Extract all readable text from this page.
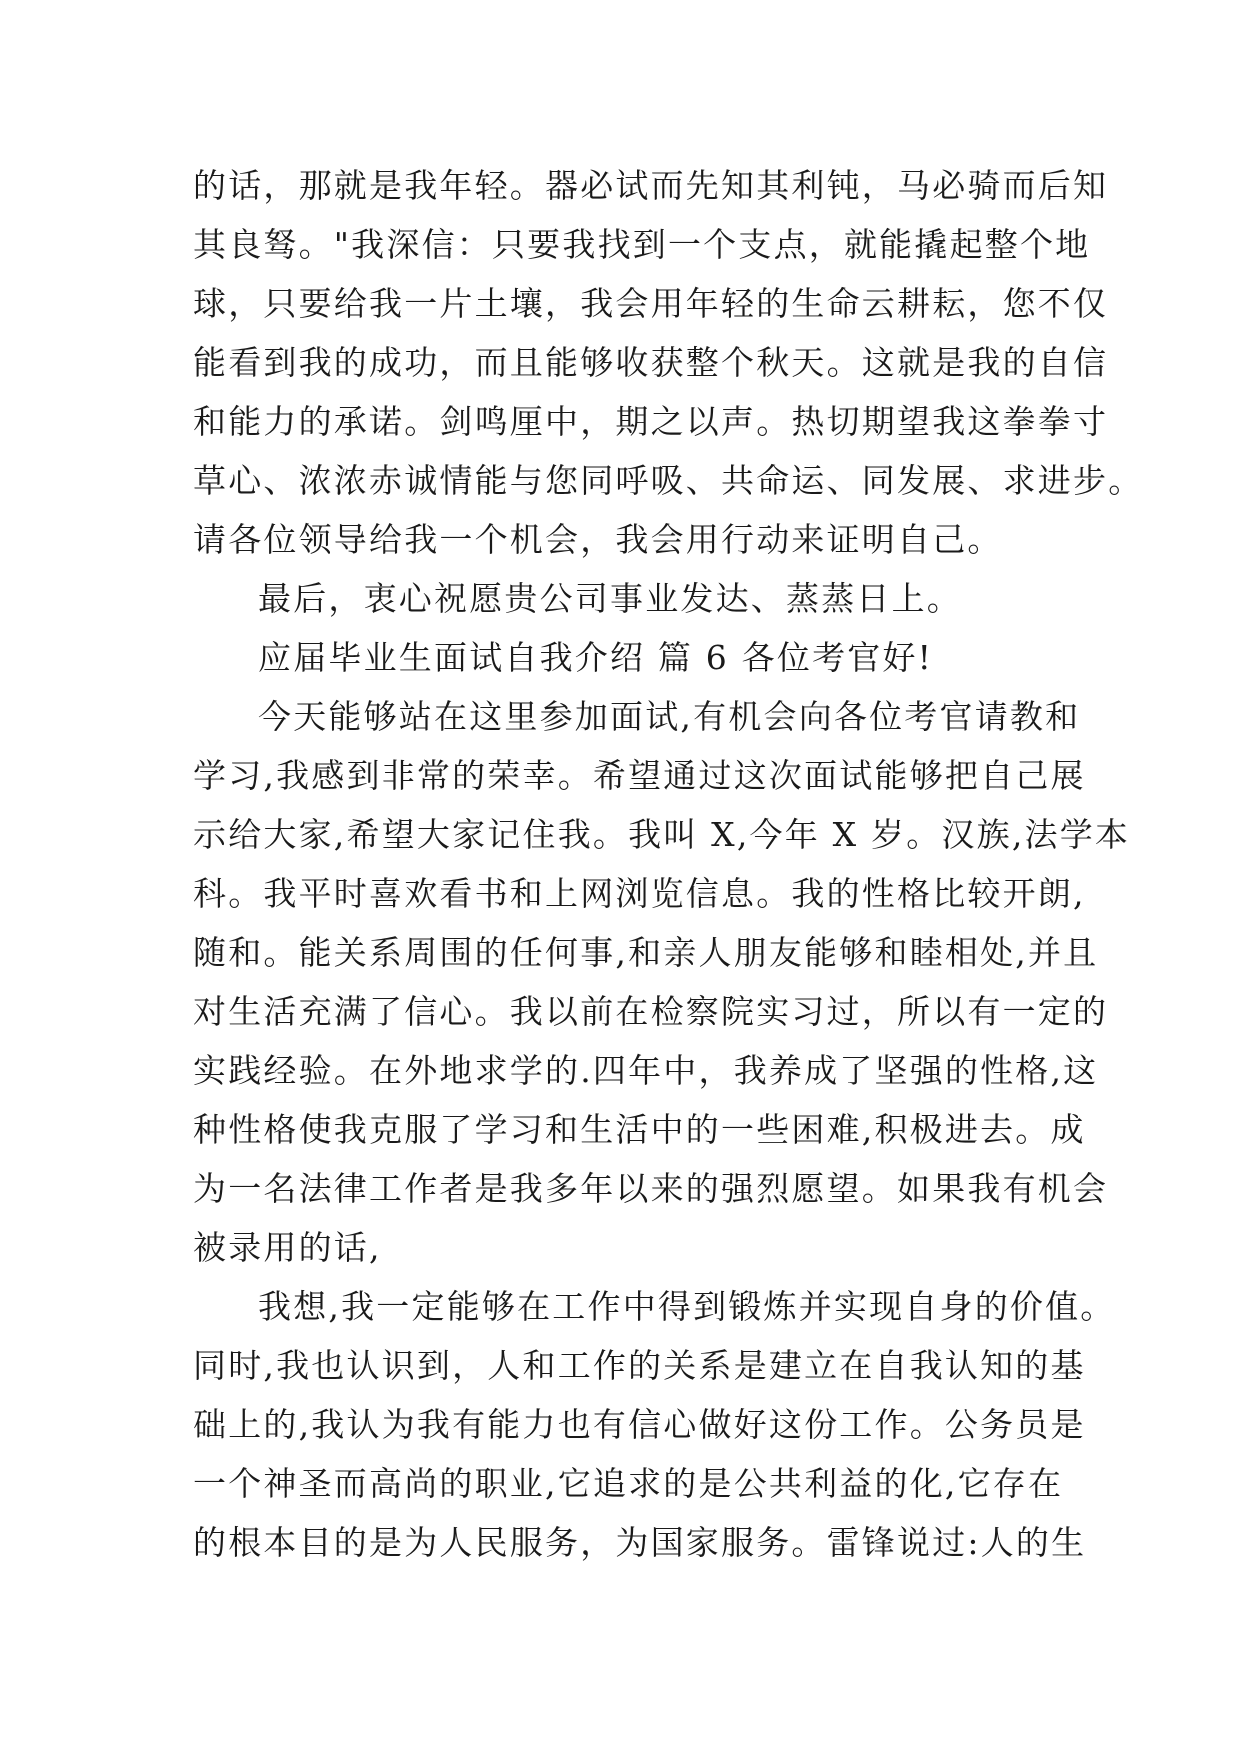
的话，那就是我年轻。器必试而先知其利钝，马必骑而后知
其良驽。"我深信：只要我找到一个支点，就能撬起整个地
球，只要给我一片土壤，我会用年轻的生命云耕耘，您不仅
能看到我的成功，而且能够收获整个秋天。这就是我的自信
和能力的承诺。剑鸣厘中，期之以声。热切期望我这拳拳寸
草心、浓浓赤诚情能与您同呼吸、共命运、同发展、求进步。
请各位领导给我一个机会，我会用行动来证明自己。
最后，衷心祝愿贵公司事业发达、蒸蒸日上。
应届毕业生面试自我介绍 篇 6 各位考官好!
今天能够站在这里参加面试,有机会向各位考官请教和
学习,我感到非常的荣幸。希望通过这次面试能够把自己展
示给大家,希望大家记住我。我叫 X,今年 X 岁。汉族,法学本
科。我平时喜欢看书和上网浏览信息。我的性格比较开朗,
随和。能关系周围的任何事,和亲人朋友能够和睦相处,并且
对生活充满了信心。我以前在检察院实习过，所以有一定的
实践经验。在外地求学的.四年中，我养成了坚强的性格,这
种性格使我克服了学习和生活中的一些困难,积极进去。成
为一名法律工作者是我多年以来的强烈愿望。如果我有机会
被录用的话,
我想,我一定能够在工作中得到锻炼并实现自身的价值。
同时,我也认识到，人和工作的关系是建立在自我认知的基
础上的,我认为我有能力也有信心做好这份工作。公务员是
一个神圣而高尚的职业,它追求的是公共利益的化,它存在
的根本目的是为人民服务，为国家服务。雷锋说过:人的生
